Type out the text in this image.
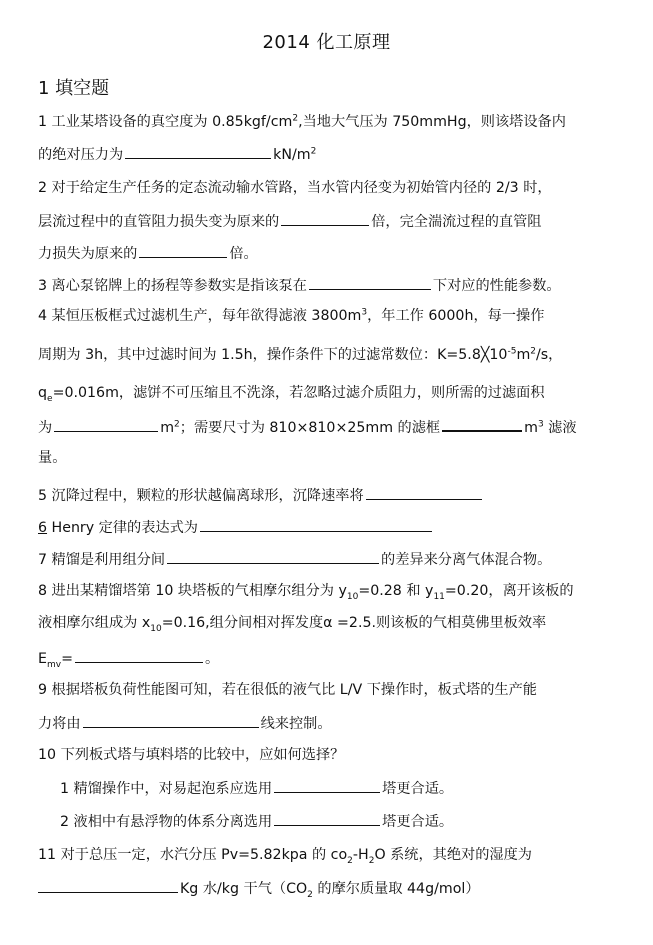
2014 化工原理
1 填空题
1 工业某塔设备的真空度为 $0.85kgf/cm^2$,当地大气压为 750mmHg，则该塔设备内
的绝对压力为	$kN/m^2$
2 对于给定生产任务的定态流动输水管路，当水管内径变为初始管内径的 2/3 时，
层流过程中的直管阻力损失变为原来的	倍，完全湍流过程的直管阻
力损失为原来的	倍。
3 离心泵铭牌上的扬程等参数实是指该泵在	下对应的性能参数。
4 某恒压板框式过滤机生产，每年欲得滤液 $3800m^3$，年工作 6000h，每一操作
周期为 3h，其中过滤时间为 1.5h，操作条件下的过滤常数位：$K=5.8╳10^{-5}m^2/s$，
$q_e=0.016m$，滤饼不可压缩且不洗涤，若忽略过滤介质阻力，则所需的过滤面积
为	$m^2$；需要尺寸为 810×810×25mm 的滤框	$m^3$ 滤液
量。
5 沉降过程中，颗粒的形状越偏离球形，沉降速率将
6 Henry 定律的表达式为
7 精馏是利用组分间	的差异来分离气体混合物。
8 进出某精馏塔第 10 块塔板的气相摩尔组分为 $y_{10}=0.28$ 和 $y_{11}=0.20$，离开该板的
液相摩尔组成为 $x_{10}=0.16$,组分间相对挥发度α =2.5.则该板的气相莫佛里板效率
$E_{mv}=$	。
9 根据塔板负荷性能图可知，若在很低的液气比 L/V 下操作时，板式塔的生产能
力将由	线来控制。
10 下列板式塔与填料塔的比较中，应如何选择？
1 精馏操作中，对易起泡系应选用	塔更合适。
2 液相中有悬浮物的体系分离选用	塔更合适。
11 对于总压一定，水汽分压 Pv=5.82kpa 的 $co_2-H_2O$ 系统，其绝对的湿度为
Kg 水/kg 干气（$CO_2$ 的摩尔质量取 44g/mol）
